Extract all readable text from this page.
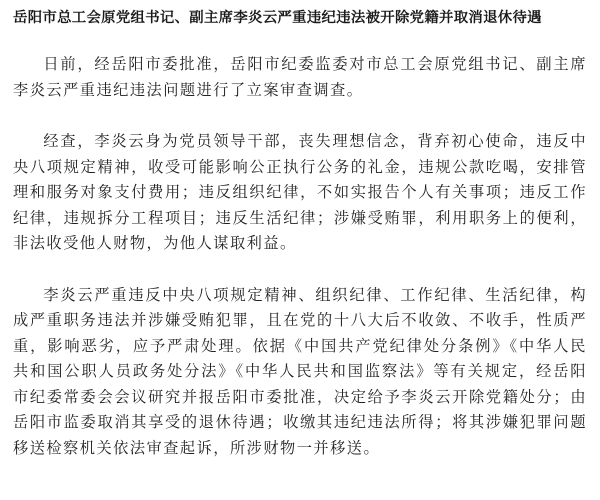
岳阳市总工会原党组书记、副主席李炎云严重违纪违法被开除党籍并取消退休待遇

日前，经岳阳市委批准，岳阳市纪委监委对市总工会原党组书记、副主席李炎云严重违纪违法问题进行了立案审查调查。

经查，李炎云身为党员领导干部，丧失理想信念，背弃初心使命，违反中央八项规定精神，收受可能影响公正执行公务的礼金，违规公款吃喝，安排管理和服务对象支付费用；违反组织纪律，不如实报告个人有关事项；违反工作纪律，违规拆分工程项目；违反生活纪律；涉嫌受贿罪，利用职务上的便利，非法收受他人财物，为他人谋取利益。

李炎云严重违反中央八项规定精神、组织纪律、工作纪律、生活纪律，构成严重职务违法并涉嫌受贿犯罪，且在党的十八大后不收敛、不收手，性质严重，影响恶劣，应予严肃处理。依据《中国共产党纪律处分条例》《中华人民共和国公职人员政务处分法》《中华人民共和国监察法》等有关规定，经岳阳市纪委常委会会议研究并报岳阳市委批准，决定给予李炎云开除党籍处分；由岳阳市监委取消其享受的退休待遇；收缴其违纪违法所得；将其涉嫌犯罪问题移送检察机关依法审查起诉，所涉财物一并移送。
